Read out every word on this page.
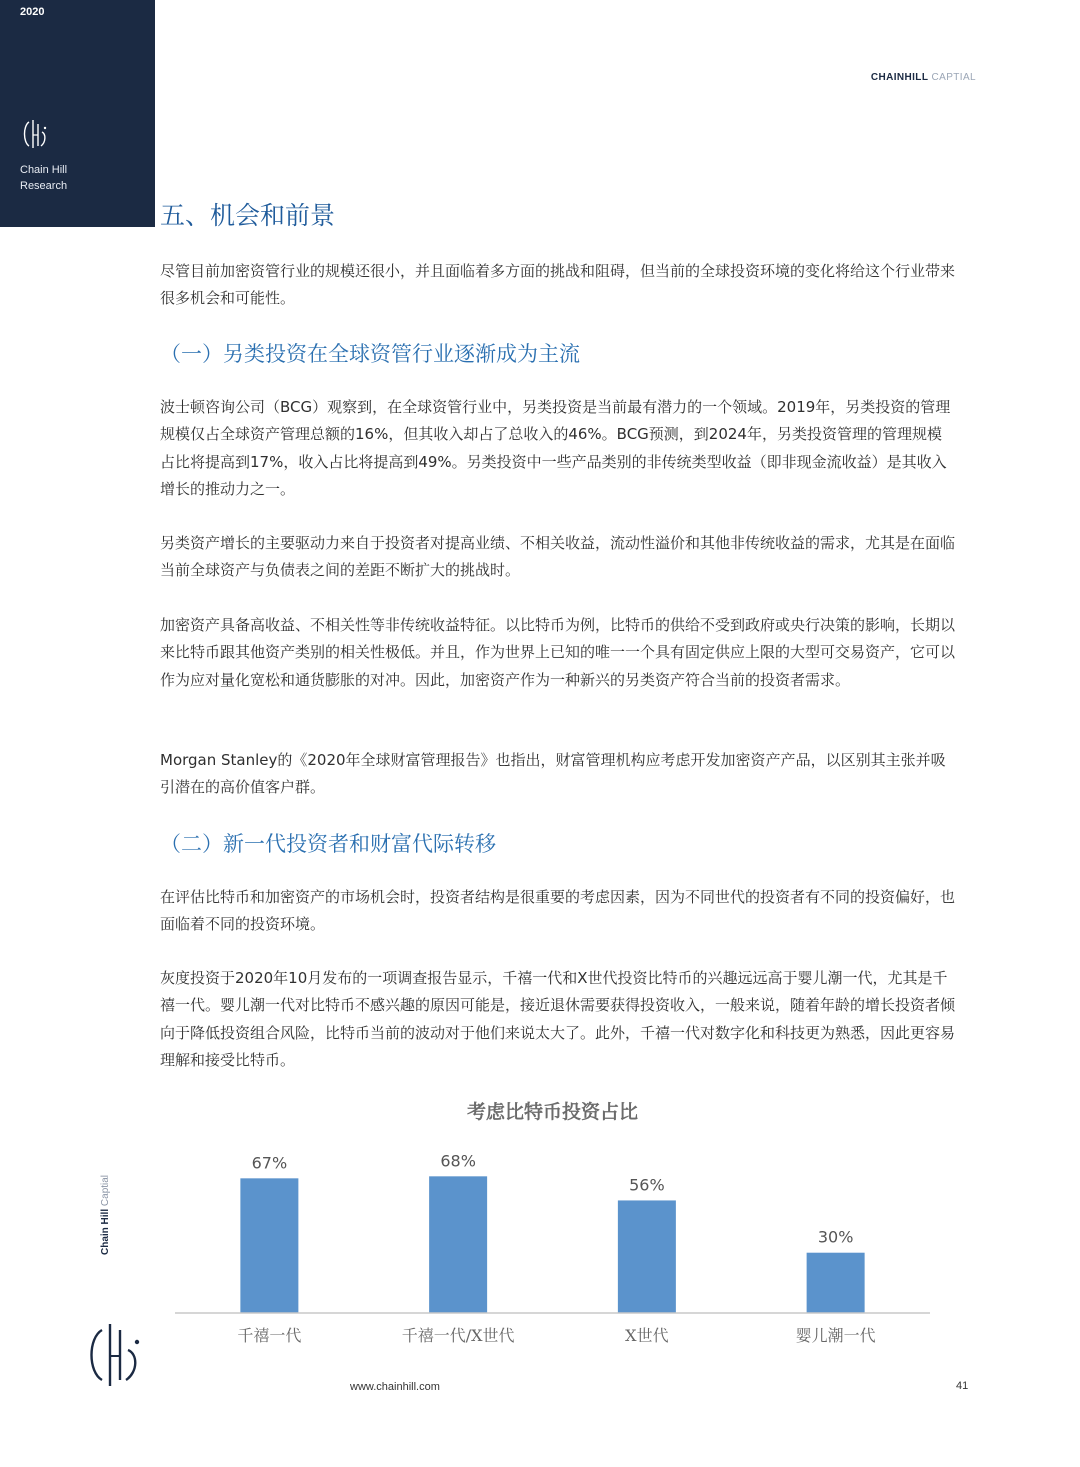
2020
Chain Hill
Research
CHAINHILL CAPTIAL
五、机会和前景

尽管目前加密资管行业的规模还很小，并且面临着多方面的挑战和阻碍，但当前的全球投资环境的变化将给这个行业带来很多机会和可能性。

（一）另类投资在全球资管行业逐渐成为主流

波士顿咨询公司（BCG）观察到，在全球资管行业中，另类投资是当前最有潜力的一个领域。2019年，另类投资的管理规模仅占全球资产管理总额的16%，但其收入却占了总收入的46%。BCG预测，到2024年，另类投资管理的管理规模占比将提高到17%，收入占比将提高到49%。另类投资中一些产品类别的非传统类型收益（即非现金流收益）是其收入增长的推动力之一。

另类资产增长的主要驱动力来自于投资者对提高业绩、不相关收益，流动性溢价和其他非传统收益的需求，尤其是在面临当前全球资产与负债表之间的差距不断扩大的挑战时。

加密资产具备高收益、不相关性等非传统收益特征。以比特币为例，比特币的供给不受到政府或央行决策的影响，长期以来比特币跟其他资产类别的相关性极低。并且，作为世界上已知的唯一一个具有固定供应上限的大型可交易资产，它可以作为应对量化宽松和通货膨胀的对冲。因此，加密资产作为一种新兴的另类资产符合当前的投资者需求。

Morgan Stanley的《2020年全球财富管理报告》也指出，财富管理机构应考虑开发加密资产产品，以区别其主张并吸引潜在的高价值客户群。

（二）新一代投资者和财富代际转移

在评估比特币和加密资产的市场机会时，投资者结构是很重要的考虑因素，因为不同世代的投资者有不同的投资偏好，也面临着不同的投资环境。

灰度投资于2020年10月发布的一项调查报告显示，千禧一代和X世代投资比特币的兴趣远远高于婴儿潮一代，尤其是千禧一代。婴儿潮一代对比特币不感兴趣的原因可能是，接近退休需要获得投资收入，一般来说，随着年龄的增长投资者倾向于降低投资组合风险，比特币当前的波动对于他们来说太大了。此外，千禧一代对数字化和科技更为熟悉，因此更容易理解和接受比特币。

考虑比特币投资占比
67%
千禧一代
68%
千禧一代/X世代
56%
X世代
30%
婴儿潮一代
Chain Hill Captial
www.chainhill.com	41
